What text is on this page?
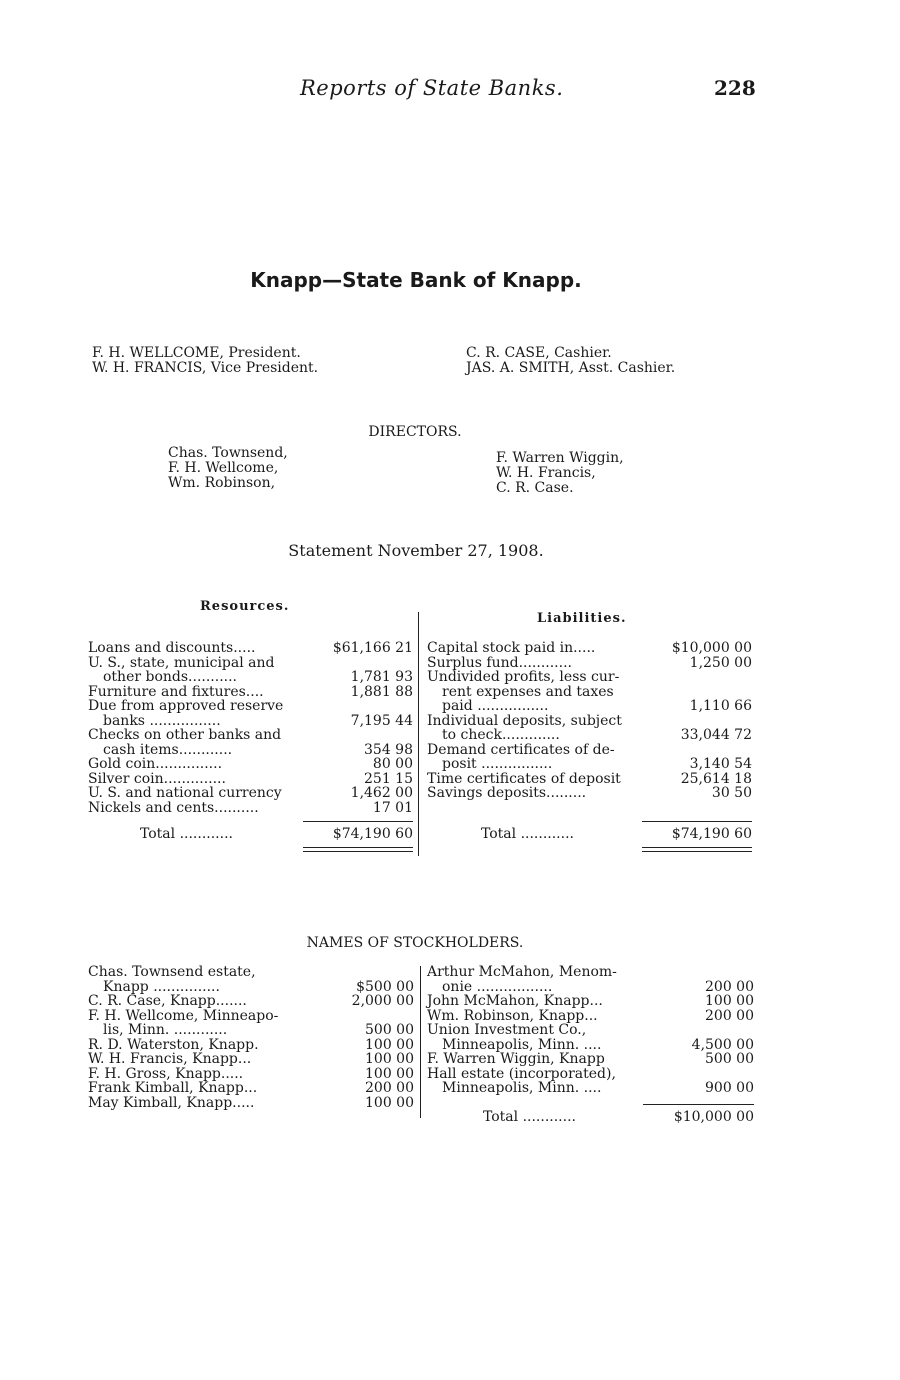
Reports of State Banks.	228
Knapp—State Bank of Knapp.
F. H. WELLCOME, President.
W. H. FRANCIS, Vice President.
C. R. CASE, Cashier.
JAS. A. SMITH, Asst. Cashier.
DIRECTORS.
Chas. Townsend,
F. H. Wellcome,
Wm. Robinson,
F. Warren Wiggin,
W. H. Francis,
C. R. Case.
Statement November 27, 1908.
Resources.
Liabilities.
Loans and discounts.....	$61,166 21
U. S., state, municipal and
other bonds...........	1,781 93
Furniture and fixtures....	1,881 88
Due from approved reserve
banks ................	7,195 44
Checks on other banks and
cash items............	354 98
Gold coin...............	80 00
Silver coin..............	251 15
U. S. and national currency	1,462 00
Nickels and cents..........	17 01
Total ............	$74,190 60
Capital stock paid in.....	$10,000 00
Surplus fund............	1,250 00
Undivided profits, less cur-
rent expenses and taxes
paid ................	1,110 66
Individual deposits, subject
to check.............	33,044 72
Demand certificates of de-
posit ................	3,140 54
Time certificates of deposit	25,614 18
Savings deposits.........	30 50
Total ............	$74,190 60
NAMES OF STOCKHOLDERS.
Chas. Townsend estate,
Knapp ...............	$500 00
C. R. Case, Knapp.......	2,000 00
F. H. Wellcome, Minneapo-
lis, Minn. ............	500 00
R. D. Waterston, Knapp.	100 00
W. H. Francis, Knapp...	100 00
F. H. Gross, Knapp.....	100 00
Frank Kimball, Knapp...	200 00
May Kimball, Knapp.....	100 00
Arthur McMahon, Menom-
onie .................	200 00
John McMahon, Knapp...	100 00
Wm. Robinson, Knapp...	200 00
Union Investment Co.,
Minneapolis, Minn. ....	4,500 00
F. Warren Wiggin, Knapp	500 00
Hall estate (incorporated),
Minneapolis, Minn. ....	900 00
Total ............	$10,000 00
